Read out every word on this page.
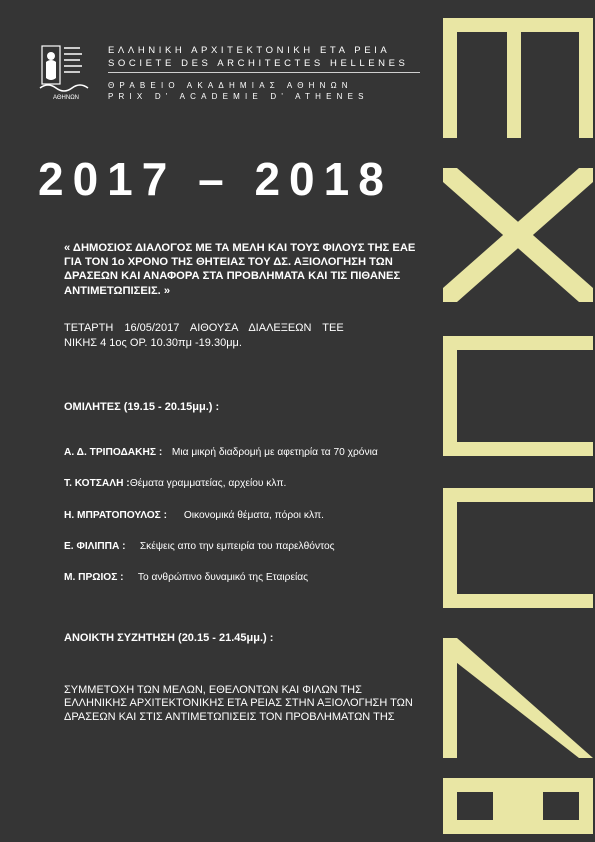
ΑΘΗΝΩΝ
ΕΛΛΗΝΙΚΗ ΑΡΧΙΤΕΚΤΟΝΙΚΗ ΕΤΑ ΡΕΙΑ
SOCIETE DES ARCHITECTES HELLENES
ΘΡΑΒΕΙΟ ΑΚΑΔΗΜΙΑΣ ΑΘΗΝΩΝ
PRIX D' ACADEMIE D' ATHENES
2017 – 2018
« ΔΗΜΟΣΙΟΣ ΔΙΑΛΟΓΟΣ ΜΕ ΤΑ ΜΕΛΗ ΚΑΙ ΤΟΥΣ ΦΙΛΟΥΣ ΤΗΣ ΕΑΕ ΓΙΑ ΤΟΝ 1ο ΧΡΟΝΟ ΤΗΣ ΘΗΤΕΙΑΣ ΤΟΥ ΔΣ. ΑΞΙΟΛΟΓΗΣΗ ΤΩΝ ΔΡΑΣΕΩΝ ΚΑΙ ΑΝΑΦΟΡΑ ΣΤΑ ΠΡΟΒΛΗΜΑΤΑ ΚΑΙ ΤΙΣ ΠΙΘΑΝΕΣ ΑΝΤΙΜΕΤΩΠΙΣΕΙΣ. »
ΤΕΤΑΡΤΗ 16/05/2017 ΑΙΘΟΥΣΑ ΔΙΑΛΕΞΕΩΝ ΤΕΕ
ΝΙΚΗΣ 4 1ος ΟΡ. 10.30πμ -19.30μμ.
ΟΜΙΛΗΤΕΣ (19.15 - 20.15μμ.) :
Α. Δ. ΤΡΙΠΟΔΑΚΗΣ : Μια μικρή διαδρομή με αφετηρία τα 70 χρόνια
Τ. ΚΟΤΣΑΛΗ : Θέματα γραμματείας, αρχείου κλπ.
Η. ΜΠΡΑΤΟΠΟΥΛΟΣ : Οικονομικά θέματα, πόροι κλπ.
Ε. ΦΙΛΙΠΠΑ : Σκέψεις απο την εμπειρία του παρελθόντος
Μ. ΠΡΩΙΟΣ : Το ανθρώπινο δυναμικό της Εταιρείας
ΑΝΟΙΚΤΗ ΣΥΖΗΤΗΣΗ (20.15 - 21.45μμ.) :
ΣΥΜΜΕΤΟΧΗ ΤΩΝ ΜΕΛΩΝ, ΕΘΕΛΟΝΤΩΝ ΚΑΙ ΦΙΛΩΝ ΤΗΣ ΕΛΛΗΝΙΚΗΣ ΑΡΧΙΤΕΚΤΟΝΙΚΗΣ ΕΤΑ ΡΕΙΑΣ ΣΤΗΝ ΑΞΙΟΛΟΓΗΣΗ ΤΩΝ ΔΡΑΣΕΩΝ ΚΑΙ ΣΤΙΣ ΑΝΤΙΜΕΤΩΠΙΣΕΙΣ ΤΟΝ ΠΡΟΒΛΗΜΑΤΩΝ ΤΗΣ
